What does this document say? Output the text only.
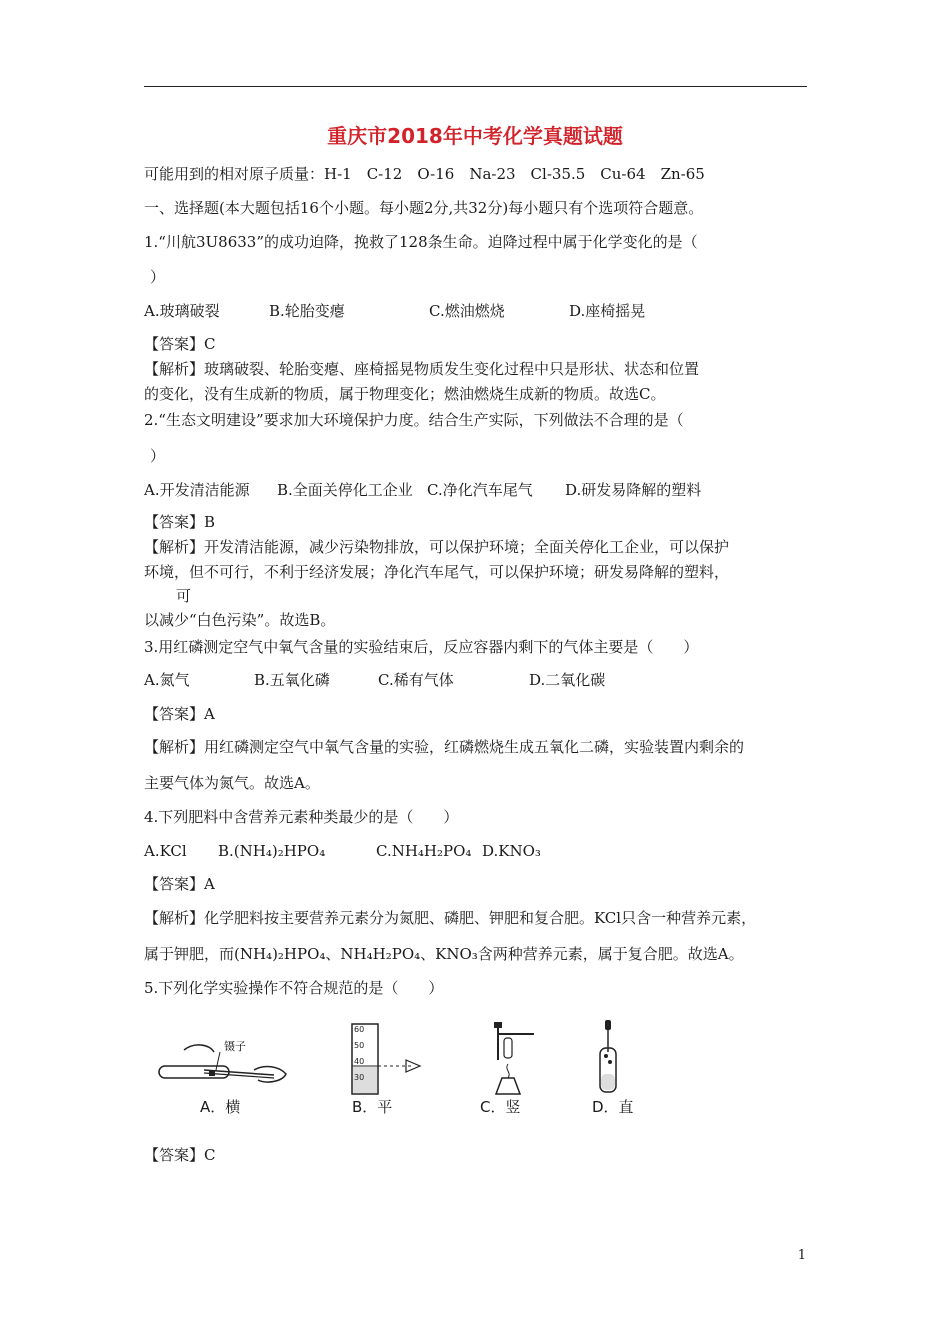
重庆市2018年中考化学真题试题
可能用到的相对原子质量：H-1　C-12　O-16　Na-23　Cl-35.5　Cu-64　Zn-65
一、选择题(本大题包括16个小题。每小题2分,共32分)每小题只有个选项符合题意。
1.“川航3U8633”的成功迫降，挽救了128条生命。迫降过程中属于化学变化的是（
）
A.玻璃破裂	B.轮胎变瘪	C.燃油燃烧	D.座椅摇晃
【答案】C
【解析】玻璃破裂、轮胎变瘪、座椅摇晃物质发生变化过程中只是形状、状态和位置
的变化，没有生成新的物质，属于物理变化；燃油燃烧生成新的物质。故选C。
2.“生态文明建设”要求加大环境保护力度。结合生产实际，下列做法不合理的是（
）
A.开发清洁能源 B.全面关停化工企业 C.净化汽车尾气 D.研发易降解的塑料
【答案】B
【解析】开发清洁能源，减少污染物排放，可以保护环境；全面关停化工企业，可以保护
环境，但不可行，不利于经济发展；净化汽车尾气，可以保护环境；研发易降解的塑料，
可
以减少“白色污染”。故选B。
3.用红磷测定空气中氧气含量的实验结束后，反应容器内剩下的气体主要是（　　）
A.氮气	B.五氧化磷	C.稀有气体	D.二氧化碳
【答案】A
【解析】用红磷测定空气中氧气含量的实验，红磷燃烧生成五氧化二磷，实验装置内剩余的
主要气体为氮气。故选A。
4.下列肥料中含营养元素种类最少的是（　　）
A.KCl B.(NH₄)₂HPO₄	C.NH₄H₂PO₄ D.KNO₃
【答案】A
【解析】化学肥料按主要营养元素分为氮肥、磷肥、钾肥和复合肥。KCl只含一种营养元素，
属于钾肥，而(NH₄)₂HPO₄、NH₄H₂PO₄、KNO₃含两种营养元素，属于复合肥。故选A。
5.下列化学实验操作不符合规范的是（　　）
镊子
A．横
60
50
40
30
B．平	C．竖	D．直
【答案】C
1
